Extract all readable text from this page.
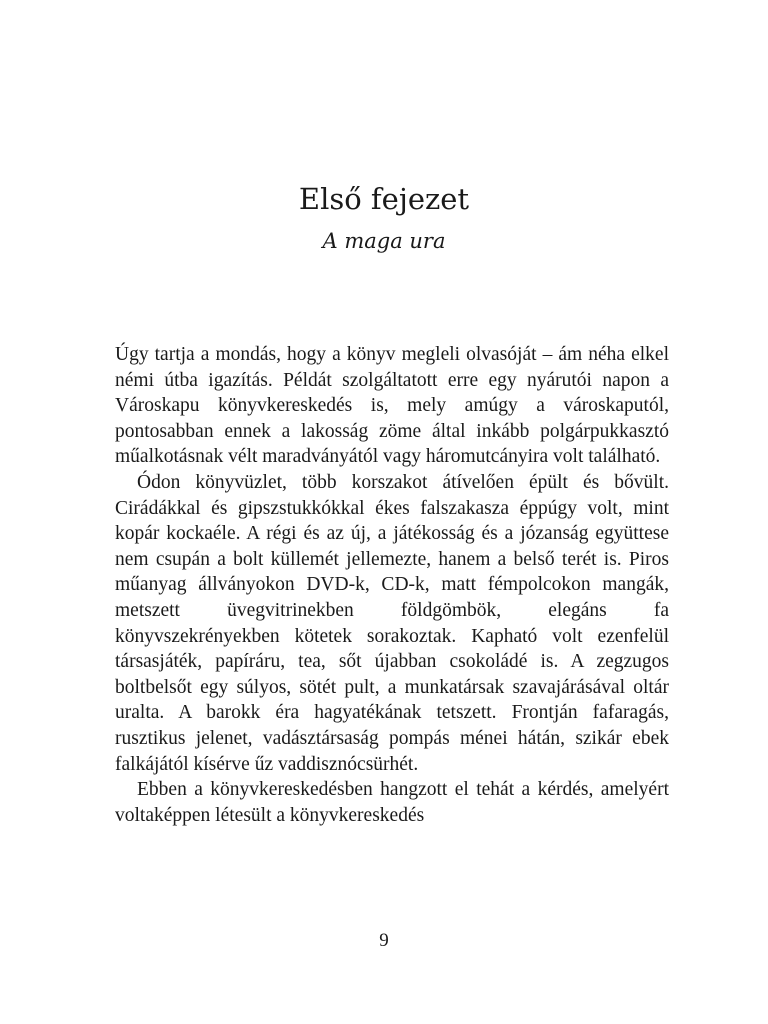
Első fejezet
A maga ura

Úgy tartja a mondás, hogy a könyv megleli olvasóját – ám néha elkel némi útba igazítás. Példát szolgáltatott erre egy nyárutói napon a Városkapu könyvkereskedés is, mely amúgy a városkaputól, pontosabban ennek a lakosság zöme által inkább polgárpukkasztó műalkotásnak vélt maradványától vagy háromutcányira volt található.

Ódon könyvüzlet, több korszakot átívelően épült és bővült. Cirádákkal és gipszstukkókkal ékes falszakasza éppúgy volt, mint kopár kockaéle. A régi és az új, a játékosság és a józanság együttese nem csupán a bolt küllemét jellemezte, hanem a belső terét is. Piros műanyag állványokon DVD-k, CD-k, matt fémpolcokon mangák, metszett üvegvitrinekben földgömbök, elegáns fa könyvszekrényekben kötetek sorakoztak. Kapható volt ezenfelül társasjáték, papíráru, tea, sőt újabban csokoládé is. A zegzugos boltbelsőt egy súlyos, sötét pult, a munkatársak szavajárásával oltár uralta. A barokk éra hagyatékának tetszett. Frontján fafaragás, rusztikus jelenet, vadásztársaság pompás ménei hátán, szikár ebek falkájától kísérve űz vaddisznócsürhét.

Ebben a könyvkereskedésben hangzott el tehát a kérdés, amelyért voltaképpen létesült a könyvkereskedés

9
